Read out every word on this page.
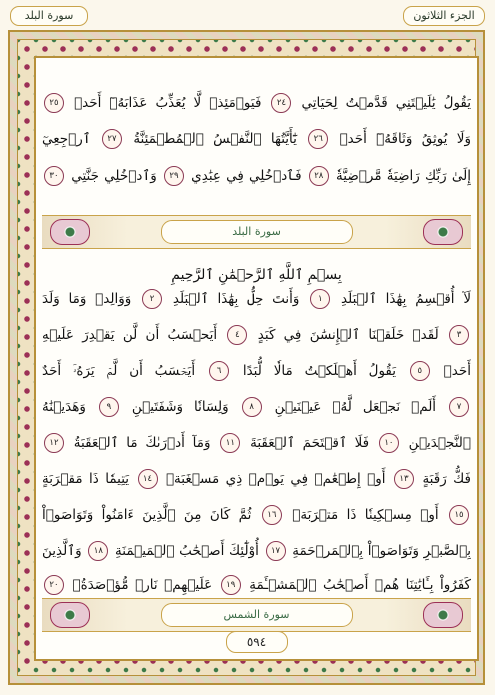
سورة البلد	الجزء الثلاثون
سورة البلد
بِسۡمِ ٱللَّهِ ٱلرَّحۡمَٰنِ ٱلرَّحِيمِ
سورة الشمس
٥٩٤
يَقُولُ يَٰلَيۡتَنِي قَدَّمۡتُ لِحَيَاتِي ٢٤ فَيَوۡمَئِذٖ لَّا يُعَذِّبُ عَذَابَهُۥٓ أَحَدٞ ٢٥
وَلَا يُوثِقُ وَثَاقَهُۥٓ أَحَدٞ ٢٦ يَٰٓأَيَّتُهَا ٱلنَّفۡسُ ٱلۡمُطۡمَئِنَّةُ ٢٧ ٱرۡجِعِيٓ
إِلَىٰ رَبِّكِ رَاضِيَةٗ مَّرۡضِيَّةٗ ٢٨ فَٱدۡخُلِي فِي عِبَٰدِي ٢٩ وَٱدۡخُلِي جَنَّتِي ٣٠
لَآ أُقۡسِمُ بِهَٰذَا ٱلۡبَلَدِ ١ وَأَنتَ حِلُّۢ بِهَٰذَا ٱلۡبَلَدِ ٢ وَوَالِدٖ وَمَا وَلَدَ
٣ لَقَدۡ خَلَقۡنَا ٱلۡإِنسَٰنَ فِي كَبَدٍ ٤ أَيَحۡسَبُ أَن لَّن يَقۡدِرَ عَلَيۡهِ
أَحَدٞ ٥ يَقُولُ أَهۡلَكۡتُ مَالٗا لُّبَدًا ٦ أَيَحۡسَبُ أَن لَّمۡ يَرَهُۥٓ أَحَدٌ
٧ أَلَمۡ نَجۡعَل لَّهُۥ عَيۡنَيۡنِ ٨ وَلِسَانٗا وَشَفَتَيۡنِ ٩ وَهَدَيۡنَٰهُ
ٱلنَّجۡدَيۡنِ ١٠ فَلَا ٱقۡتَحَمَ ٱلۡعَقَبَةَ ١١ وَمَآ أَدۡرَىٰكَ مَا ٱلۡعَقَبَةُ ١٢
فَكُّ رَقَبَةٍ ١٣ أَوۡ إِطۡعَٰمٞ فِي يَوۡمٖ ذِي مَسۡغَبَةٖ ١٤ يَتِيمٗا ذَا مَقۡرَبَةٍ
١٥ أَوۡ مِسۡكِينٗا ذَا مَتۡرَبَةٖ ١٦ ثُمَّ كَانَ مِنَ ٱلَّذِينَ ءَامَنُواْ وَتَوَاصَوۡاْ
بِٱلصَّبۡرِ وَتَوَاصَوۡاْ بِٱلۡمَرۡحَمَةِ ١٧ أُوْلَٰٓئِكَ أَصۡحَٰبُ ٱلۡمَيۡمَنَةِ ١٨ وَٱلَّذِينَ
كَفَرُواْ بِـَٔايَٰتِنَا هُمۡ أَصۡحَٰبُ ٱلۡمَشۡـَٔمَةِ ١٩ عَلَيۡهِمۡ نَارٞ مُّؤۡصَدَةُۢ ٢٠
